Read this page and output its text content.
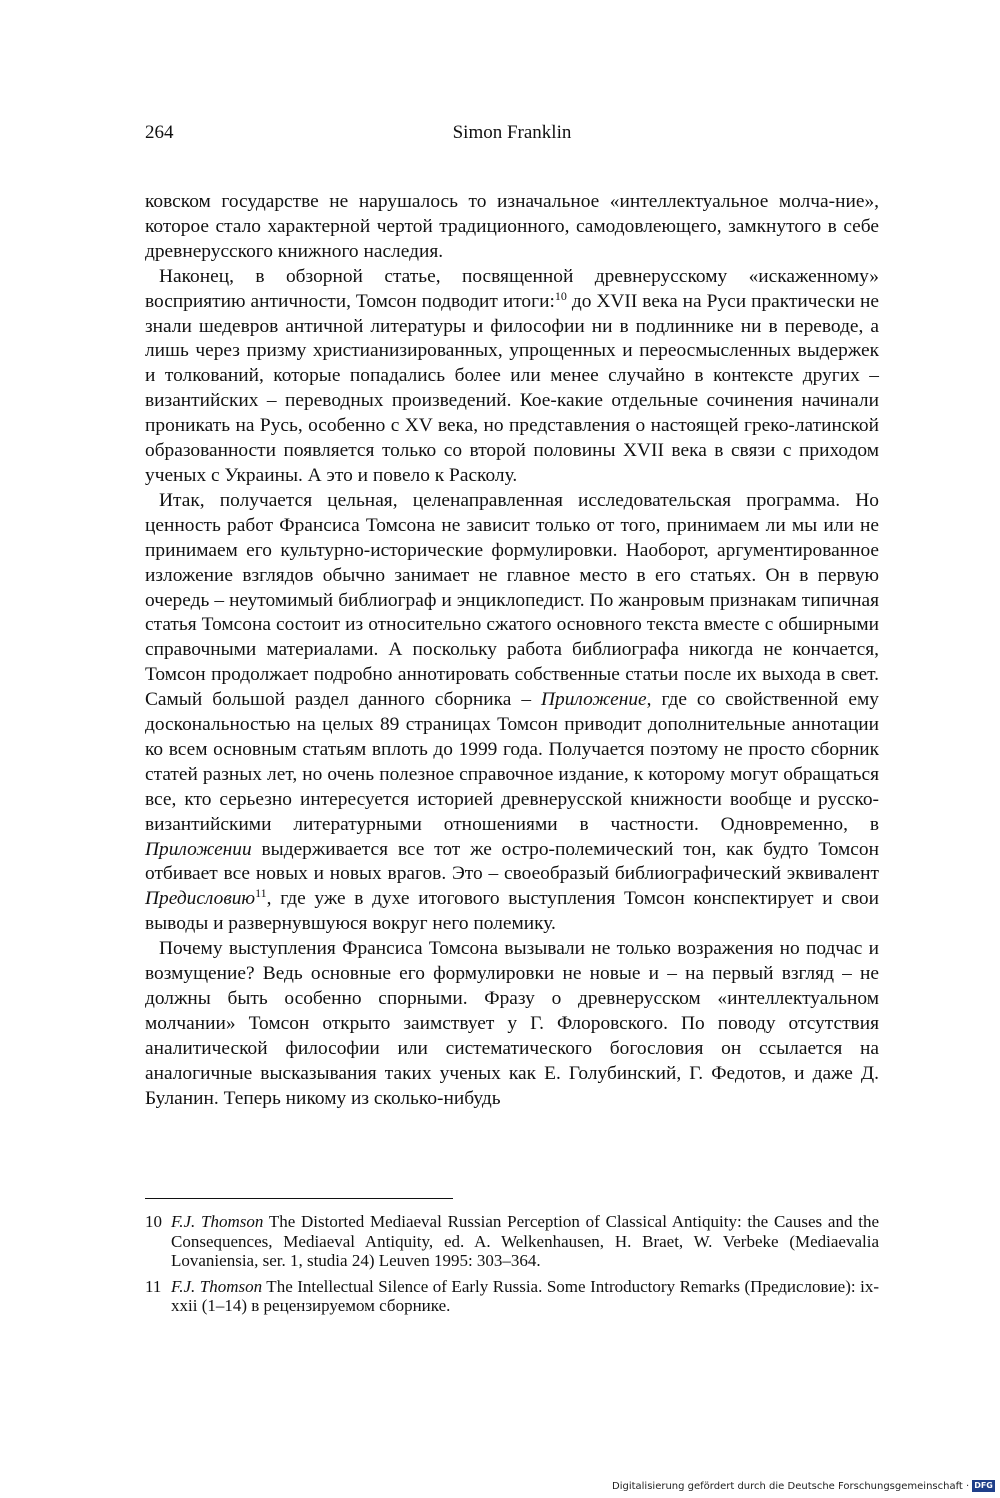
264	Simon Franklin

ковском государстве не нарушалось то изначальное «интеллектуальное молча-ние», которое стало характерной чертой традиционного, самодовлеющего, замкнутого в себе древнерусского книжного наследия.

Наконец, в обзорной статье, посвященной древнерусскому «искаженному» восприятию античности, Томсон подводит итоги:$^{10}$ до XVII века на Руси практически не знали шедевров античной литературы и философии ни в подлиннике ни в переводе, а лишь через призму христианизированных, упрощенных и переосмысленных выдержек и толкований, которые попадались более или менее случайно в контексте других – византийских – переводных произведений. Кое-какие отдельные сочинения начинали проникать на Русь, особенно с XV века, но представления о настоящей греко-латинской образованности появляется только со второй половины XVII века в связи с приходом ученых с Украины. А это и повело к Расколу.

Итак, получается цельная, целенаправленная исследовательская программа. Но ценность работ Франсиса Томсона не зависит только от того, принимаем ли мы или не принимаем его культурно-исторические формулировки. Наоборот, аргументированное изложение взглядов обычно занимает не главное место в его статьях. Он в первую очередь – неутомимый библиограф и энциклопедист. По жанровым признакам типичная статья Томсона состоит из относительно сжатого основного текста вместе с обширными справочными материалами. А поскольку работа библиографа никогда не кончается, Томсон продолжает подробно аннотировать собственные статьи после их выхода в свет. Самый большой раздел данного сборника – Приложение, где со свойственной ему доскональностью на целых 89 страницах Томсон приводит дополнительные аннотации ко всем основным статьям вплоть до 1999 года. Получается поэтому не просто сборник статей разных лет, но очень полезное справочное издание, к которому могут обращаться все, кто серьезно интересуется историей древнерусской книжности вообще и русско-византийскими литературными отношениями в частности. Одновременно, в Приложении выдерживается все тот же остро-полемический тон, как будто Томсон отбивает все новых и новых врагов. Это – своеобразый библиографический эквивалент Предисловию$^{11}$, где уже в духе итогового выступления Томсон конспектирует и свои выводы и развернувшуюся вокруг него полемику.

Почему выступления Франсиса Томсона вызывали не только возражения но подчас и возмущение? Ведь основные его формулировки не новые и – на первый взгляд – не должны быть особенно спорными. Фразу о древнерусском «интеллектуальном молчании» Томсон открыто заимствует у Г. Флоровского. По поводу отсутствия аналитической философии или систематического богословия он ссылается на аналогичные высказывания таких ученых как Е. Голубинский, Г. Федотов, и даже Д. Буланин. Теперь никому из сколько-нибудь

10 F.J. Thomson The Distorted Mediaeval Russian Perception of Classical Antiquity: the Causes and the Consequences, Mediaeval Antiquity, ed. A. Welkenhausen, H. Braet, W. Verbeke (Mediaevalia Lovaniensia, ser. 1, studia 24) Leuven 1995: 303–364.

11 F.J. Thomson The Intellectual Silence of Early Russia. Some Introductory Remarks (Предисловие): ix-xxii (1–14) в рецензируемом сборнике.

Digitalisierung gefördert durch die Deutsche Forschungsgemeinschaft · DFG
